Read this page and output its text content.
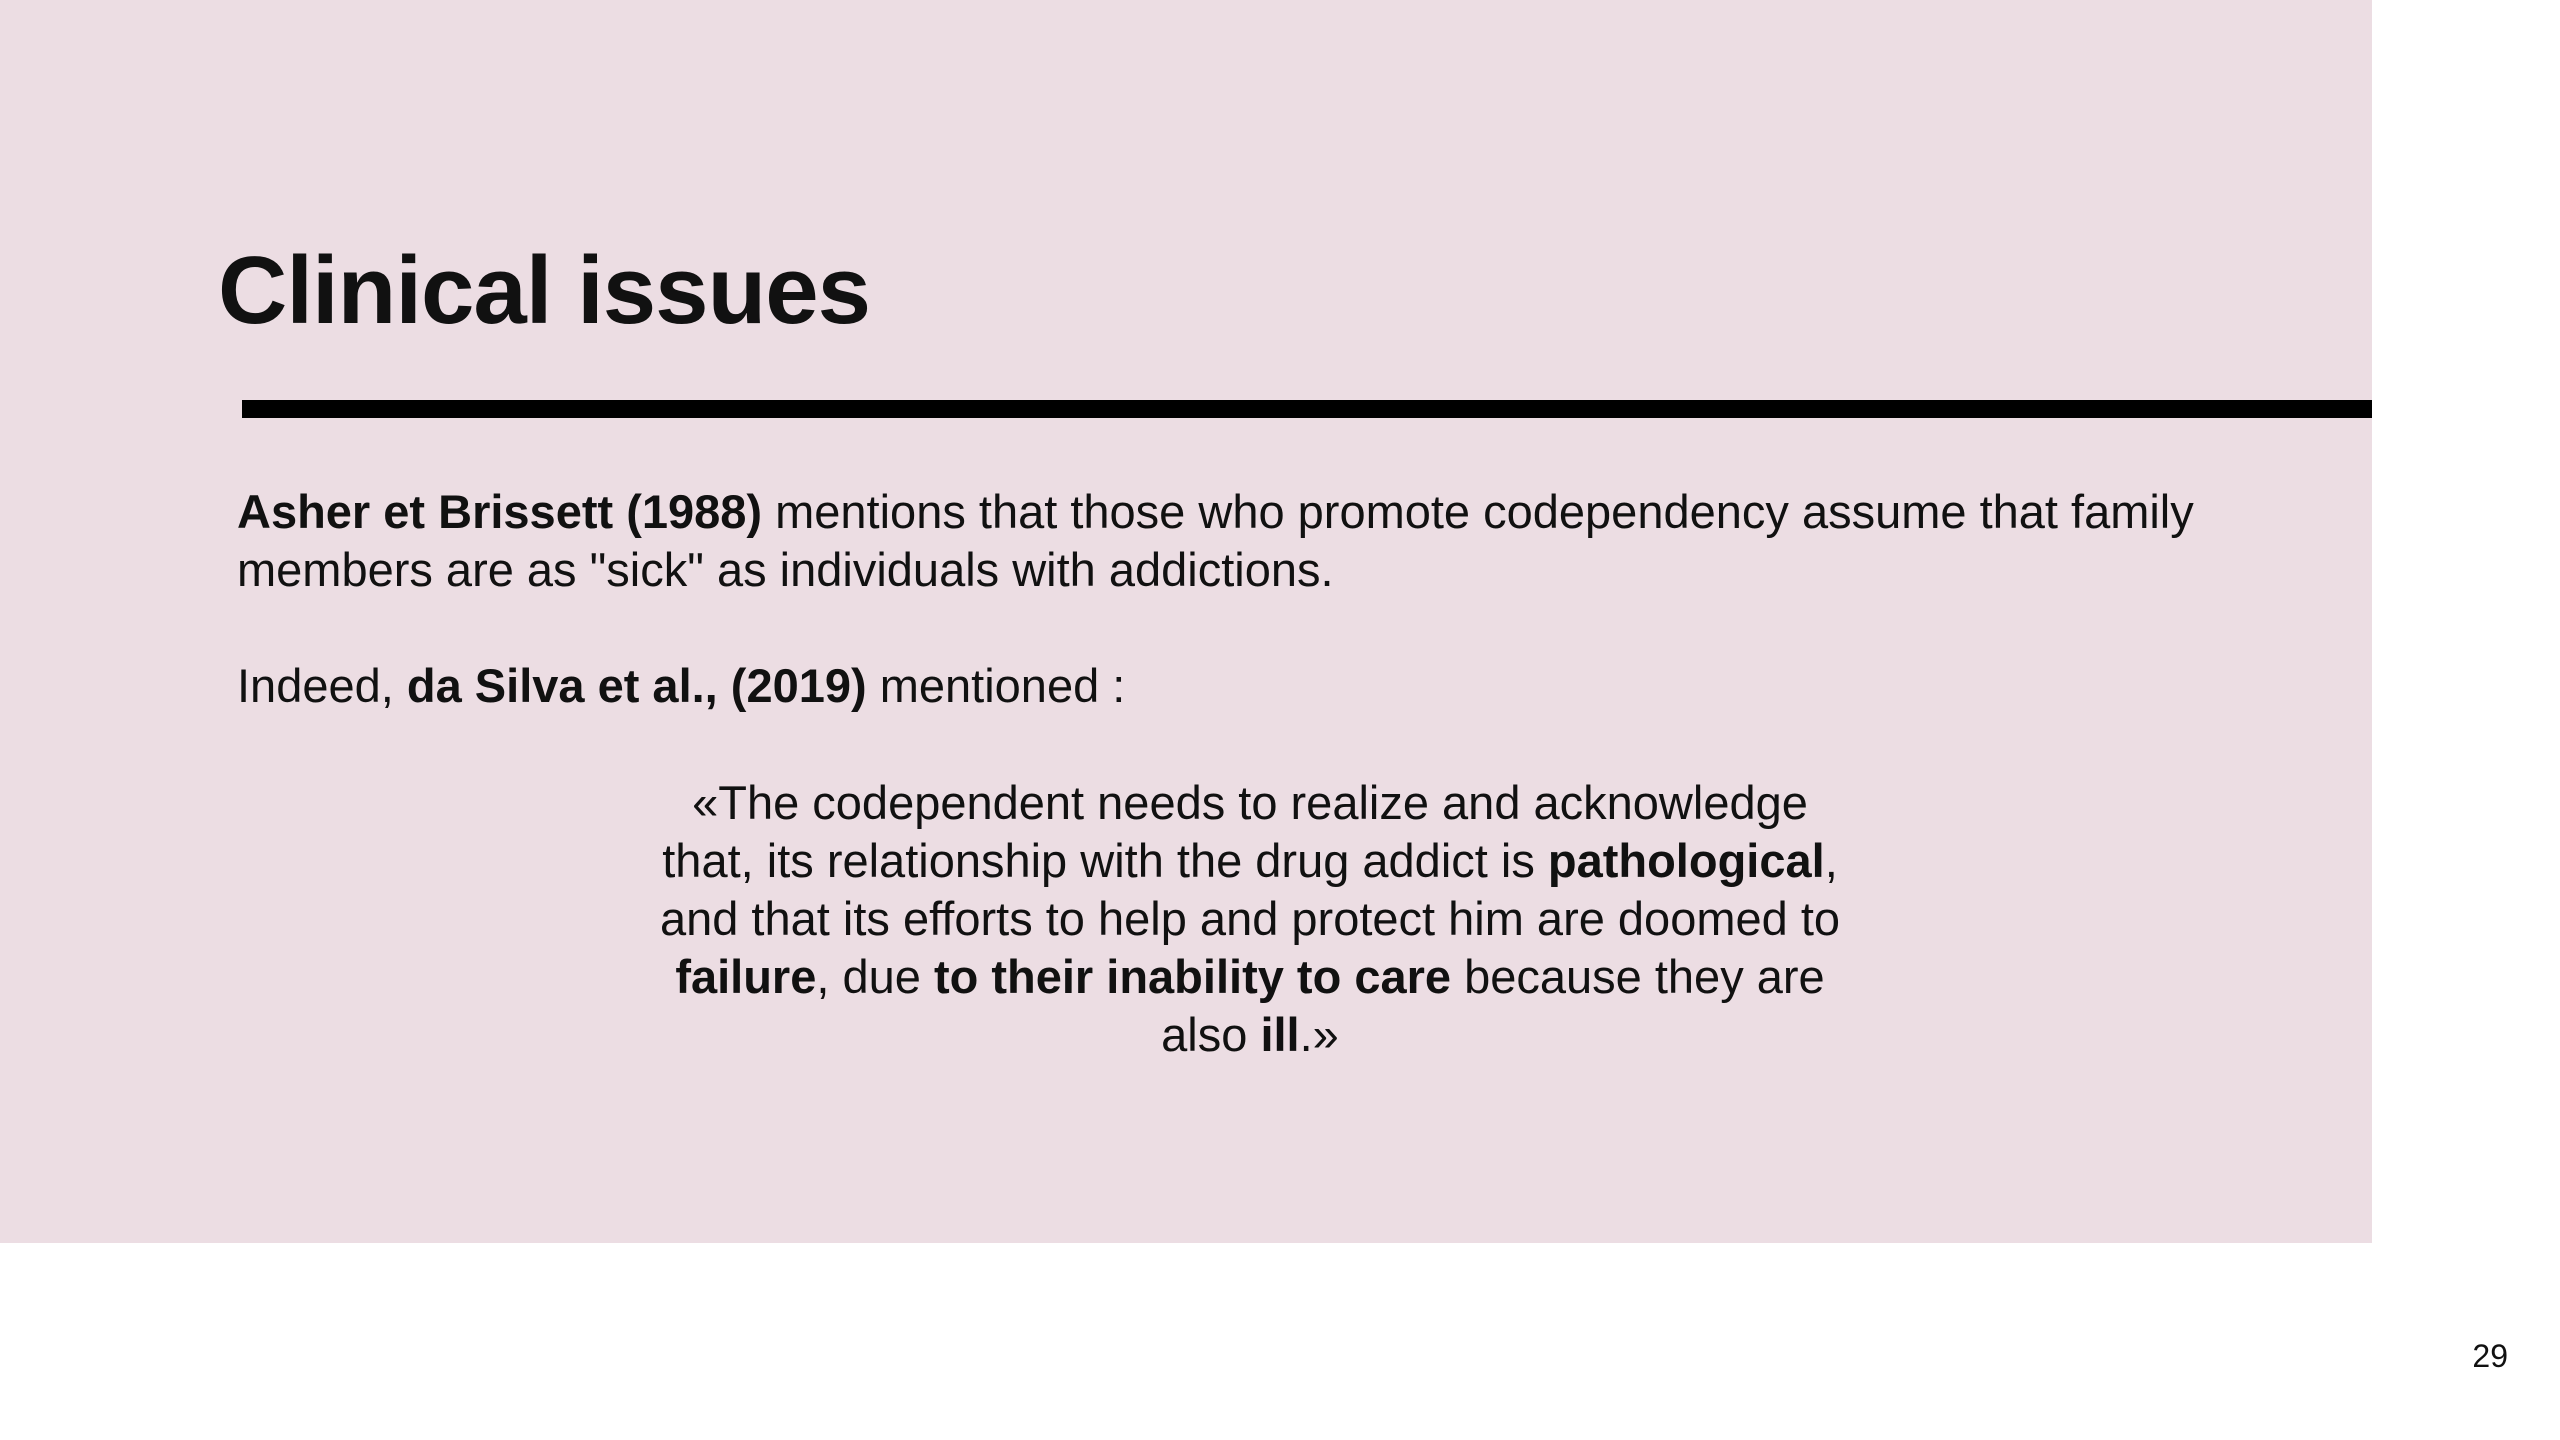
Clinical issues

Asher et Brissett (1988) mentions that those who promote codependency assume that family members are as "sick" as individuals with addictions.

Indeed, da Silva et al., (2019) mentioned :

«The codependent needs to realize and acknowledge that, its relationship with the drug addict is pathological, and that its efforts to help and protect him are doomed to failure, due to their inability to care because they are also ill.»

29
